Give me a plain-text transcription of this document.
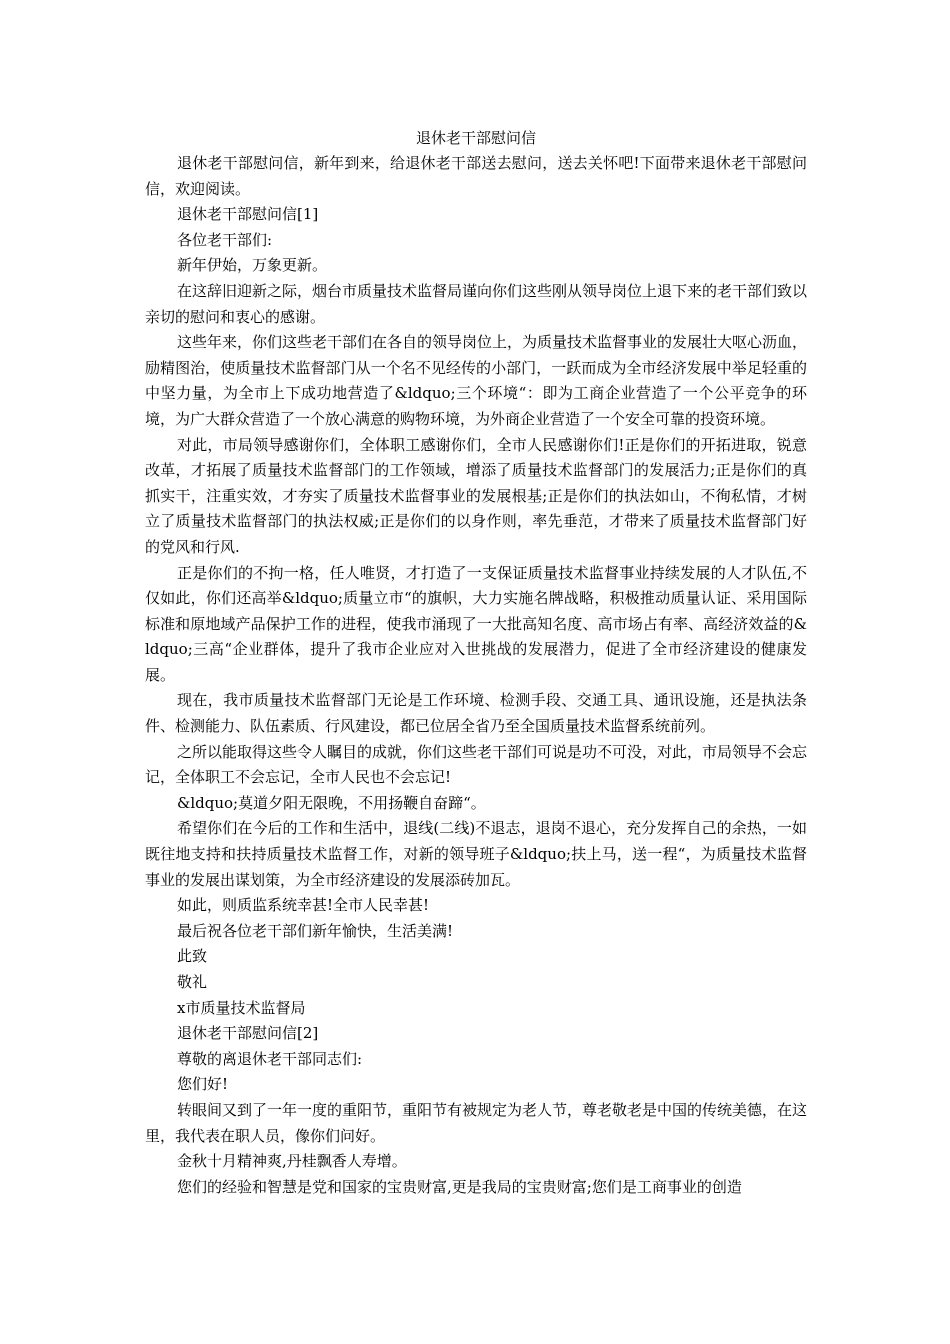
退休老干部慰问信

退休老干部慰问信，新年到来，给退休老干部送去慰问，送去关怀吧!下面带来退休老干部慰问信，欢迎阅读。

退休老干部慰问信[1]

各位老干部们:

新年伊始，万象更新。

在这辞旧迎新之际，烟台市质量技术监督局谨向你们这些刚从领导岗位上退下来的老干部们致以亲切的慰问和衷心的感谢。

这些年来，你们这些老干部们在各自的领导岗位上，为质量技术监督事业的发展壮大呕心沥血，励精图治，使质量技术监督部门从一个名不见经传的小部门，一跃而成为全市经济发展中举足轻重的中坚力量，为全市上下成功地营造了&ldquo;三个环境“：即为工商企业营造了一个公平竞争的环境，为广大群众营造了一个放心满意的购物环境，为外商企业营造了一个安全可靠的投资环境。

对此，市局领导感谢你们，全体职工感谢你们，全市人民感谢你们!正是你们的开拓进取，锐意改革，才拓展了质量技术监督部门的工作领域，增添了质量技术监督部门的发展活力;正是你们的真抓实干，注重实效，才夯实了质量技术监督事业的发展根基;正是你们的执法如山，不徇私情，才树立了质量技术监督部门的执法权威;正是你们的以身作则，率先垂范，才带来了质量技术监督部门好的党风和行风.

正是你们的不拘一格，任人唯贤，才打造了一支保证质量技术监督事业持续发展的人才队伍,不仅如此，你们还高举&ldquo;质量立市“的旗帜，大力实施名牌战略，积极推动质量认证、采用国际标准和原地域产品保护工作的进程，使我市涌现了一大批高知名度、高市场占有率、高经济效益的&ldquo;三高“企业群体，提升了我市企业应对入世挑战的发展潜力，促进了全市经济建设的健康发展。

现在，我市质量技术监督部门无论是工作环境、检测手段、交通工具、通讯设施，还是执法条件、检测能力、队伍素质、行风建设，都已位居全省乃至全国质量技术监督系统前列。

之所以能取得这些令人瞩目的成就，你们这些老干部们可说是功不可没，对此，市局领导不会忘记，全体职工不会忘记，全市人民也不会忘记!

&ldquo;莫道夕阳无限晚，不用扬鞭自奋蹄“。

希望你们在今后的工作和生活中，退线(二线)不退志，退岗不退心，充分发挥自己的余热，一如既往地支持和扶持质量技术监督工作，对新的领导班子&ldquo;扶上马，送一程“，为质量技术监督事业的发展出谋划策，为全市经济建设的发展添砖加瓦。

如此，则质监系统幸甚!全市人民幸甚!

最后祝各位老干部们新年愉快，生活美满!

此致

敬礼

x市质量技术监督局

退休老干部慰问信[2]

尊敬的离退休老干部同志们:

您们好!

转眼间又到了一年一度的重阳节，重阳节有被规定为老人节，尊老敬老是中国的传统美德，在这里，我代表在职人员，像你们问好。

金秋十月精神爽,丹桂飘香人寿增。

您们的经验和智慧是党和国家的宝贵财富,更是我局的宝贵财富;您们是工商事业的创造
